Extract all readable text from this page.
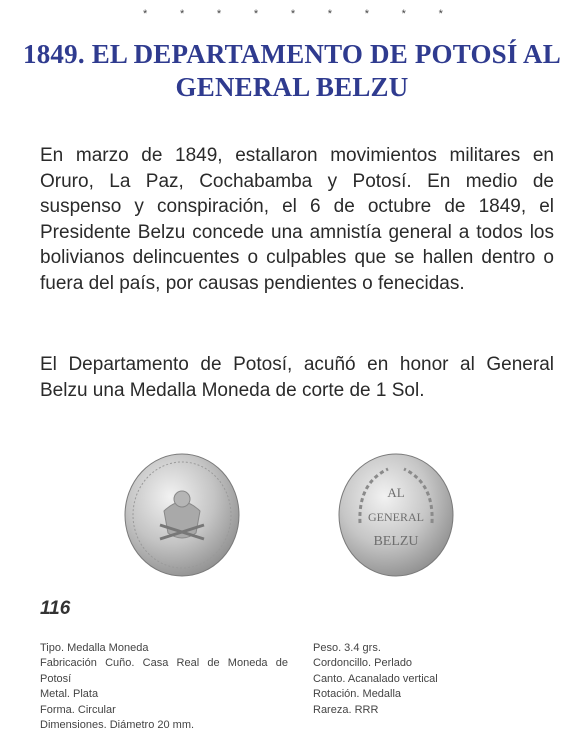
*	*	*	*	*	*	*	*	*
1849. EL DEPARTAMENTO DE POTOSÍ AL GENERAL BELZU

En marzo de 1849, estallaron movimientos militares en Oruro, La Paz, Cochabamba y Potosí. En medio de suspenso y conspiración, el 6 de octubre de 1849, el Presidente Belzu concede una amnistía general a todos los bolivianos delincuentes o culpables que se hallen dentro o fuera del país, por causas pendientes o fenecidas.

El Departamento de Potosí, acuñó en honor al General Belzu una Medalla Moneda de corte de 1 Sol.

AL
GENERAL
BELZU

116

Tipo. Medalla Moneda
Fabricación Cuño. Casa Real de Moneda de Potosí
Metal. Plata
Forma. Circular
Dimensiones. Diámetro 20 mm.
Peso. 3.4 grs.
Cordoncillo. Perlado
Canto. Acanalado vertical
Rotación. Medalla
Rareza. RRR
